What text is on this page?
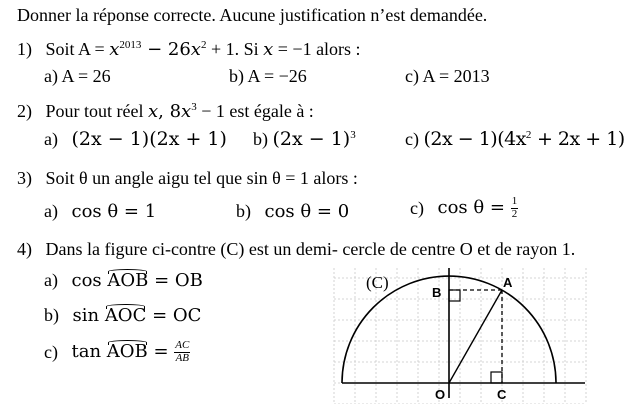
Donner la réponse correcte. Aucune justification n’est demandée.
1) Soit $A = x^{2013} - 26x^2 + 1$. Si x = −1 alors :
a) A = 26	b) A = −26	c) A = 2013
2) Pour tout réel x, $8x^3 - 1$ est égale à :
a) (2x − 1)(2x + 1) b) $(2x - 1)^3$	c) $(2x - 1)(4x^2 + 2x + 1)$
3) Soit θ un angle aigu tel que sin θ = 1 alors :
a) cos θ = 1	b) cos θ = 0	c) $\cos \theta = \frac{1}{2}$
4) Dans la figure ci-contre (C) est un demi- cercle de centre O et de rayon 1.
a) cos AOB = OB
b) sin AOC = OC
c) tan AOB = $\frac{AC}{AB}$
(C)
B
A
O	C
